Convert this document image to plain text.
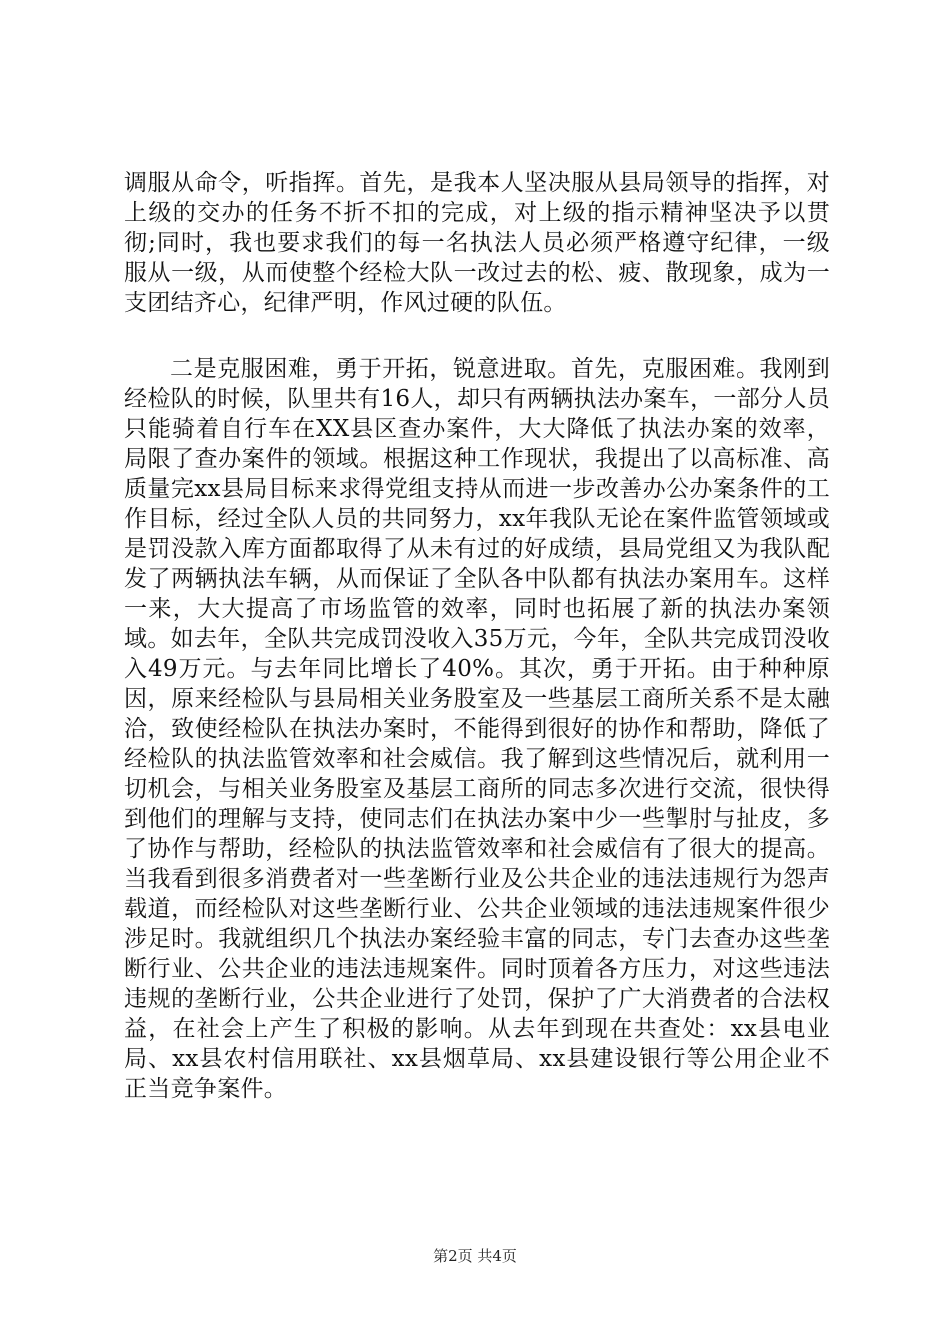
调服从命令，听指挥。首先，是我本人坚决服从县局领导的指挥，对上级的交办的任务不折不扣的完成，对上级的指示精神坚决予以贯彻;同时，我也要求我们的每一名执法人员必须严格遵守纪律，一级服从一级，从而使整个经检大队一改过去的松、疲、散现象，成为一支团结齐心，纪律严明，作风过硬的队伍。

二是克服困难，勇于开拓，锐意进取。首先，克服困难。我刚到经检队的时候，队里共有16人，却只有两辆执法办案车，一部分人员只能骑着自行车在XX县区查办案件，大大降低了执法办案的效率，局限了查办案件的领域。根据这种工作现状，我提出了以高标准、高质量完xx县局目标来求得党组支持从而进一步改善办公办案条件的工作目标，经过全队人员的共同努力，xx年我队无论在案件监管领域或是罚没款入库方面都取得了从未有过的好成绩，县局党组又为我队配发了两辆执法车辆，从而保证了全队各中队都有执法办案用车。这样一来，大大提高了市场监管的效率，同时也拓展了新的执法办案领域。如去年，全队共完成罚没收入35万元，今年，全队共完成罚没收入49万元。与去年同比增长了40%。其次，勇于开拓。由于种种原因，原来经检队与县局相关业务股室及一些基层工商所关系不是太融洽，致使经检队在执法办案时，不能得到很好的协作和帮助，降低了经检队的执法监管效率和社会威信。我了解到这些情况后，就利用一切机会，与相关业务股室及基层工商所的同志多次进行交流，很快得到他们的理解与支持，使同志们在执法办案中少一些掣肘与扯皮，多了协作与帮助，经检队的执法监管效率和社会威信有了很大的提高。当我看到很多消费者对一些垄断行业及公共企业的违法违规行为怨声载道，而经检队对这些垄断行业、公共企业领域的违法违规案件很少涉足时。我就组织几个执法办案经验丰富的同志，专门去查办这些垄断行业、公共企业的违法违规案件。同时顶着各方压力，对这些违法违规的垄断行业，公共企业进行了处罚，保护了广大消费者的合法权益，在社会上产生了积极的影响。从去年到现在共查处：xx县电业局、xx县农村信用联社、xx县烟草局、xx县建设银行等公用企业不正当竞争案件。

第2页 共4页
